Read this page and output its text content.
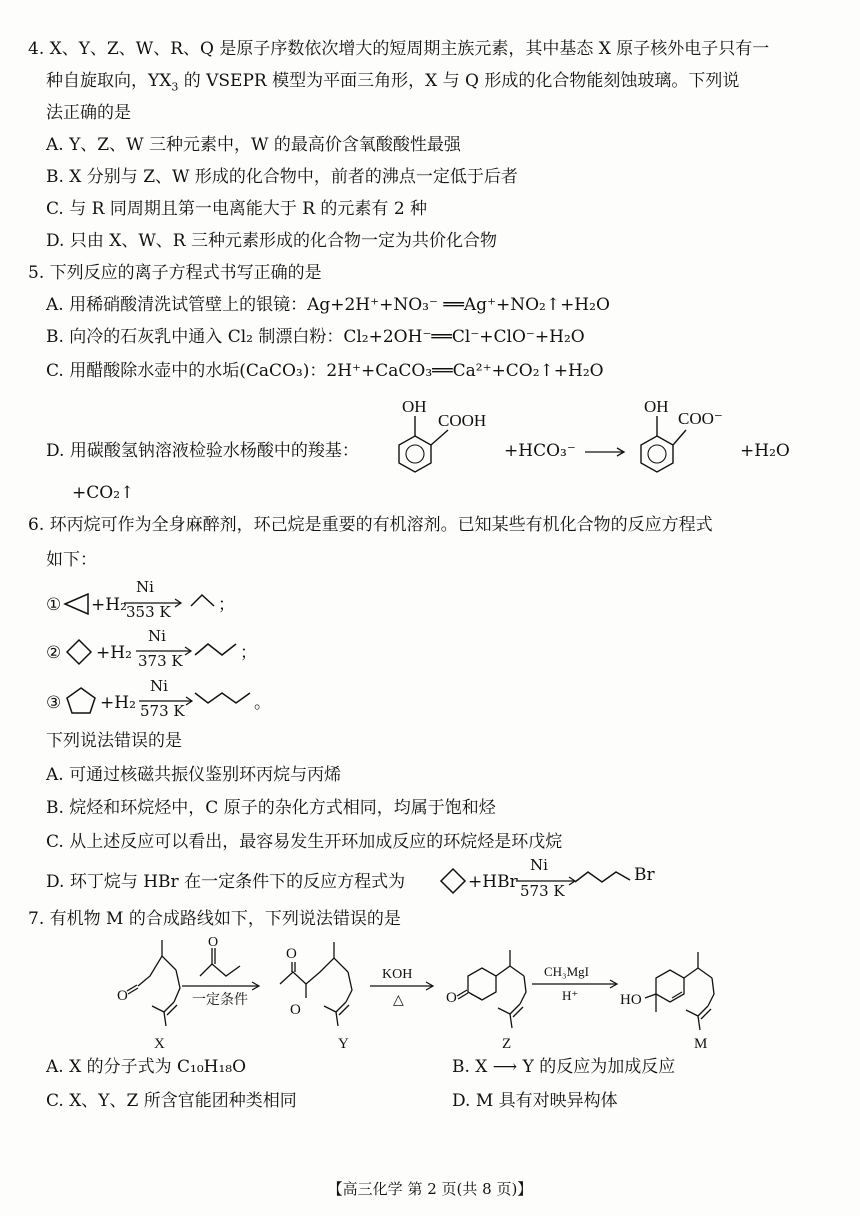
4. X、Y、Z、W、R、Q 是原子序数依次增大的短周期主族元素，其中基态 X 原子核外电子只有一
种自旋取向，$YX_3$ 的 VSEPR 模型为平面三角形，X 与 Q 形成的化合物能刻蚀玻璃。下列说
法正确的是
A. Y、Z、W 三种元素中，W 的最高价含氧酸酸性最强
B. X 分别与 Z、W 形成的化合物中，前者的沸点一定低于后者
C. 与 R 同周期且第一电离能大于 R 的元素有 2 种
D. 只由 X、W、R 三种元素形成的化合物一定为共价化合物
5. 下列反应的离子方程式书写正确的是
A. 用稀硝酸清洗试管壁上的银镜：Ag+2H⁺+NO₃⁻ ══Ag⁺+NO₂↑+H₂O
B. 向冷的石灰乳中通入 Cl₂ 制漂白粉：Cl₂+2OH⁻══Cl⁻+ClO⁻+H₂O
C. 用醋酸除水壶中的水垢(CaCO₃)：2H⁺+CaCO₃══Ca²⁺+CO₂↑+H₂O
D. 用碳酸氢钠溶液检验水杨酸中的羧基：
OH
COOH
+HCO₃⁻
OH
COO⁻
+H₂O
+CO₂↑
6. 环丙烷可作为全身麻醉剂，环己烷是重要的有机溶剂。已知某些有机化合物的反应方程式
如下：
① +H₂
Ni
353 K	；
② +H₂
Ni
373 K	；
③ +H₂
Ni
573 K	。
下列说法错误的是
A. 可通过核磁共振仪鉴别环丙烷与丙烯
B. 烷烃和环烷烃中，C 原子的杂化方式相同，均属于饱和烃
C. 从上述反应可以看出，最容易发生开环加成反应的环烷烃是环戊烷
D. 环丁烷与 HBr 在一定条件下的反应方程式为	+HBr
Ni
573 K
Br
7. 有机物 M 的合成路线如下，下列说法错误的是
O
X
O
一定条件
O
O
Y
KOH
△	O
Z
CH₃MgI
H⁺	HO
M
A. X 的分子式为 C₁₀H₁₈O	B. X ⟶ Y 的反应为加成反应
C. X、Y、Z 所含官能团种类相同	D. M 具有对映异构体
【高三化学 第 2 页(共 8 页)】
